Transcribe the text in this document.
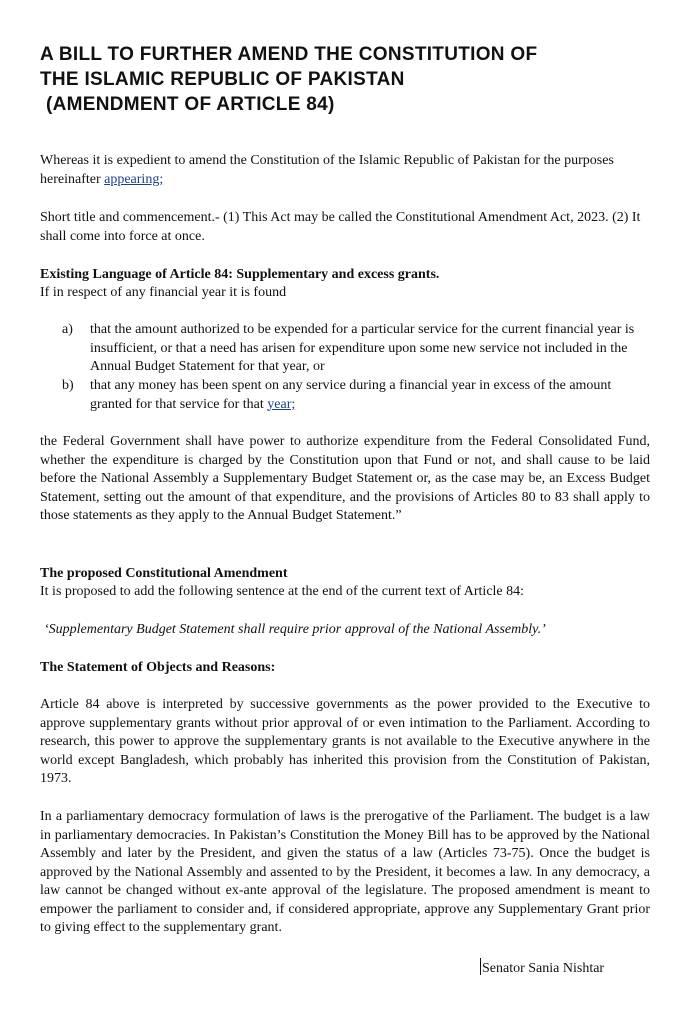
A BILL TO FURTHER AMEND THE CONSTITUTION OF
THE ISLAMIC REPUBLIC OF PAKISTAN
(AMENDMENT OF ARTICLE 84)
Whereas it is expedient to amend the Constitution of the Islamic Republic of Pakistan for the purposes hereinafter appearing;
Short title and commencement.- (1) This Act may be called the Constitutional Amendment Act, 2023. (2) It shall come into force at once.
Existing Language of Article 84: Supplementary and excess grants.
If in respect of any financial year it is found
a)	that the amount authorized to be expended for a particular service for the current financial year is insufficient, or that a need has arisen for expenditure upon some new service not included in the Annual Budget Statement for that year, or
b)	that any money has been spent on any service during a financial year in excess of the amount granted for that service for that year;
the Federal Government shall have power to authorize expenditure from the Federal Consolidated Fund, whether the expenditure is charged by the Constitution upon that Fund or not, and shall cause to be laid before the National Assembly a Supplementary Budget Statement or, as the case may be, an Excess Budget Statement, setting out the amount of that expenditure, and the provisions of Articles 80 to 83 shall apply to those statements as they apply to the Annual Budget Statement.”
The proposed Constitutional Amendment
It is proposed to add the following sentence at the end of the current text of Article 84:
‘Supplementary Budget Statement shall require prior approval of the National Assembly.’
The Statement of Objects and Reasons:
Article 84 above is interpreted by successive governments as the power provided to the Executive to approve supplementary grants without prior approval of or even intimation to the Parliament. According to research, this power to approve the supplementary grants is not available to the Executive anywhere in the world except Bangladesh, which probably has inherited this provision from the Constitution of Pakistan, 1973.
In a parliamentary democracy formulation of laws is the prerogative of the Parliament. The budget is a law in parliamentary democracies. In Pakistan’s Constitution the Money Bill has to be approved by the National Assembly and later by the President, and given the status of a law (Articles 73-75). Once the budget is approved by the National Assembly and assented to by the President, it becomes a law. In any democracy, a law cannot be changed without ex-ante approval of the legislature. The proposed amendment is meant to empower the parliament to consider and, if considered appropriate, approve any Supplementary Grant prior to giving effect to the supplementary grant.
Senator Sania Nishtar
